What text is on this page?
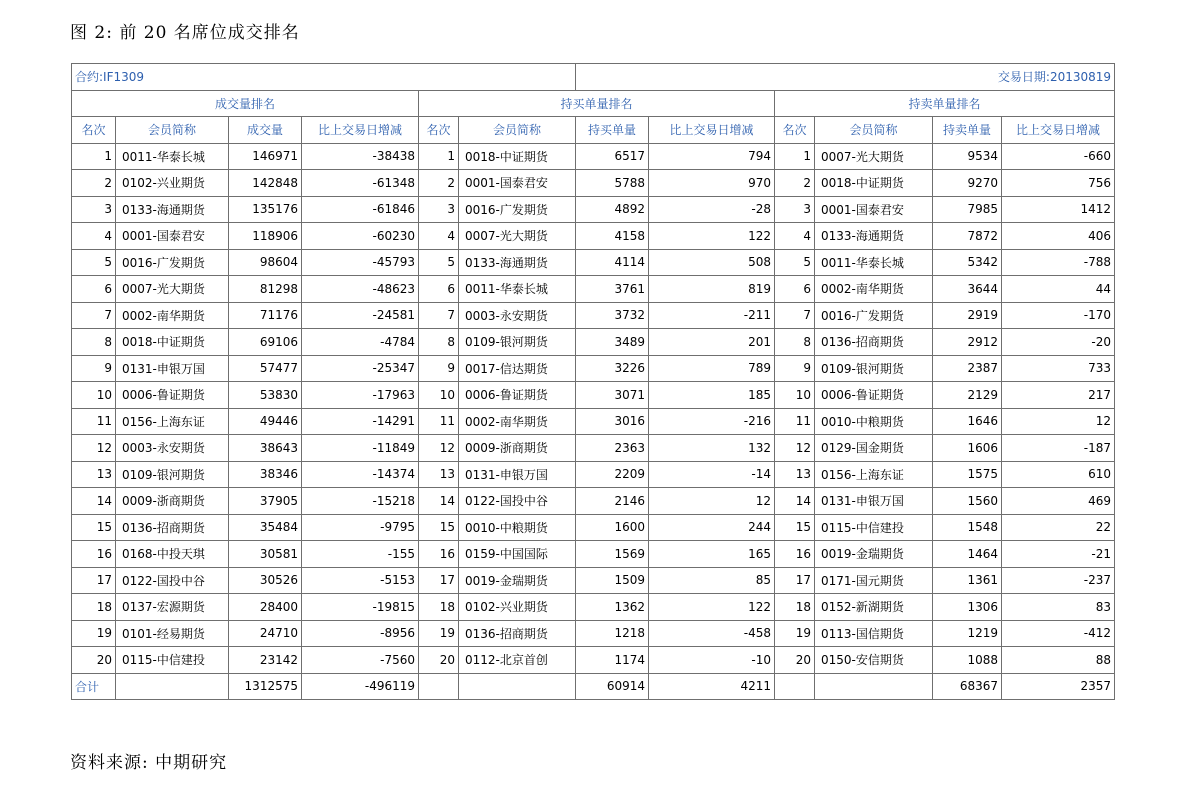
图 2: 前 20 名席位成交排名
合约:IF1309						交易日期:20130819					
成交量排名				持买单量排名				持卖单量排名			
名次	会员简称	成交量	比上交易日增减	名次	会员简称	持买单量	比上交易日增减	名次	会员简称	持卖单量	比上交易日增减
1	0011-华泰长城	146971	-38438	1	0018-中证期货	6517	794	1	0007-光大期货	9534	-660
2	0102-兴业期货	142848	-61348	2	0001-国泰君安	5788	970	2	0018-中证期货	9270	756
3	0133-海通期货	135176	-61846	3	0016-广发期货	4892	-28	3	0001-国泰君安	7985	1412
4	0001-国泰君安	118906	-60230	4	0007-光大期货	4158	122	4	0133-海通期货	7872	406
5	0016-广发期货	98604	-45793	5	0133-海通期货	4114	508	5	0011-华泰长城	5342	-788
6	0007-光大期货	81298	-48623	6	0011-华泰长城	3761	819	6	0002-南华期货	3644	44
7	0002-南华期货	71176	-24581	7	0003-永安期货	3732	-211	7	0016-广发期货	2919	-170
8	0018-中证期货	69106	-4784	8	0109-银河期货	3489	201	8	0136-招商期货	2912	-20
9	0131-申银万国	57477	-25347	9	0017-信达期货	3226	789	9	0109-银河期货	2387	733
10	0006-鲁证期货	53830	-17963	10	0006-鲁证期货	3071	185	10	0006-鲁证期货	2129	217
11	0156-上海东证	49446	-14291	11	0002-南华期货	3016	-216	11	0010-中粮期货	1646	12
12	0003-永安期货	38643	-11849	12	0009-浙商期货	2363	132	12	0129-国金期货	1606	-187
13	0109-银河期货	38346	-14374	13	0131-申银万国	2209	-14	13	0156-上海东证	1575	610
14	0009-浙商期货	37905	-15218	14	0122-国投中谷	2146	12	14	0131-申银万国	1560	469
15	0136-招商期货	35484	-9795	15	0010-中粮期货	1600	244	15	0115-中信建投	1548	22
16	0168-中投天琪	30581	-155	16	0159-中国国际	1569	165	16	0019-金瑞期货	1464	-21
17	0122-国投中谷	30526	-5153	17	0019-金瑞期货	1509	85	17	0171-国元期货	1361	-237
18	0137-宏源期货	28400	-19815	18	0102-兴业期货	1362	122	18	0152-新湖期货	1306	83
19	0101-经易期货	24710	-8956	19	0136-招商期货	1218	-458	19	0113-国信期货	1219	-412
20	0115-中信建投	23142	-7560	20	0112-北京首创	1174	-10	20	0150-安信期货	1088	88
合计		1312575	-496119			60914	4211			68367	2357
资料来源: 中期研究
